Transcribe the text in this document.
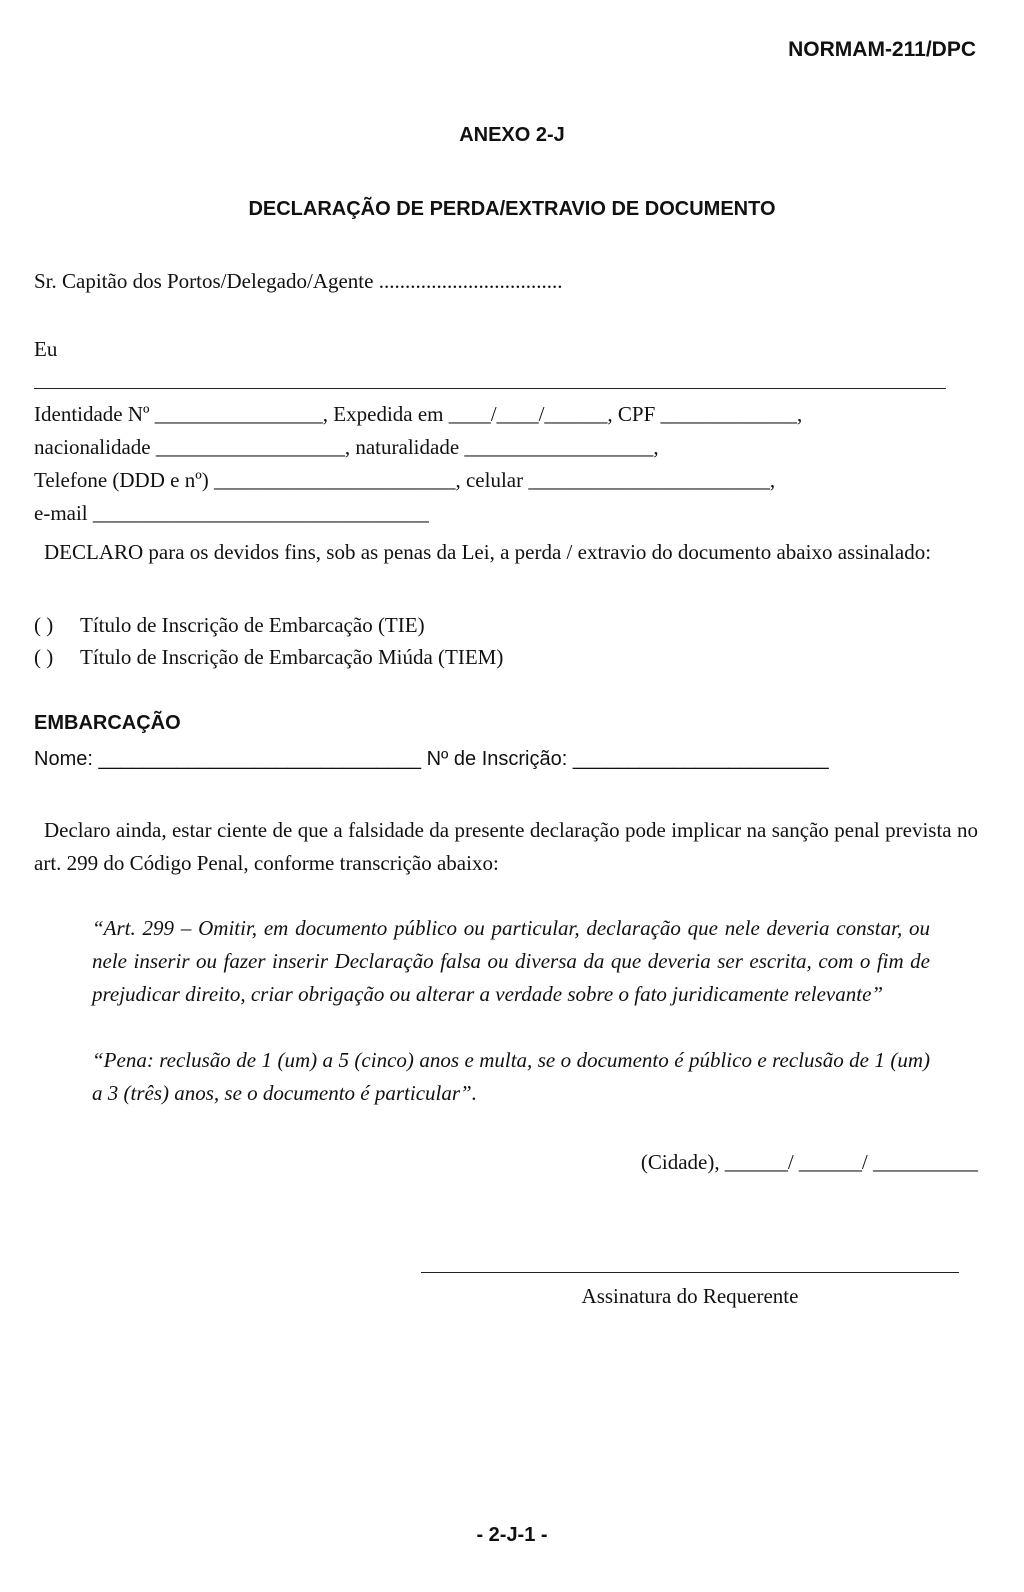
NORMAM-211/DPC
ANEXO 2-J
DECLARAÇÃO DE PERDA/EXTRAVIO DE DOCUMENTO
Sr. Capitão dos Portos/Delegado/Agente ...................................
Eu
Identidade Nº ________________, Expedida em ____/____/______, CPF _____________,
nacionalidade __________________, naturalidade __________________,
Telefone (DDD e nº) _______________________, celular _______________________,
e-mail ________________________________
DECLARO para os devidos fins, sob as penas da Lei, a perda / extravio do documento abaixo assinalado:
( ) Título de Inscrição de Embarcação (TIE)
( ) Título de Inscrição de Embarcação Miúda (TIEM)
EMBARCAÇÃO
Nome: _____________________________ Nº de Inscrição: _______________________
Declaro ainda, estar ciente de que a falsidade da presente declaração pode implicar na sanção penal prevista no art. 299 do Código Penal, conforme transcrição abaixo:
“Art. 299 – Omitir, em documento público ou particular, declaração que nele deveria constar, ou nele inserir ou fazer inserir Declaração falsa ou diversa da que deveria ser escrita, com o fim de prejudicar direito, criar obrigação ou alterar a verdade sobre o fato juridicamente relevante”
“Pena: reclusão de 1 (um) a 5 (cinco) anos e multa, se o documento é público e reclusão de 1 (um) a 3 (três) anos, se o documento é particular”.
(Cidade), ______/ ______/ __________
Assinatura do Requerente
- 2-J-1 -
